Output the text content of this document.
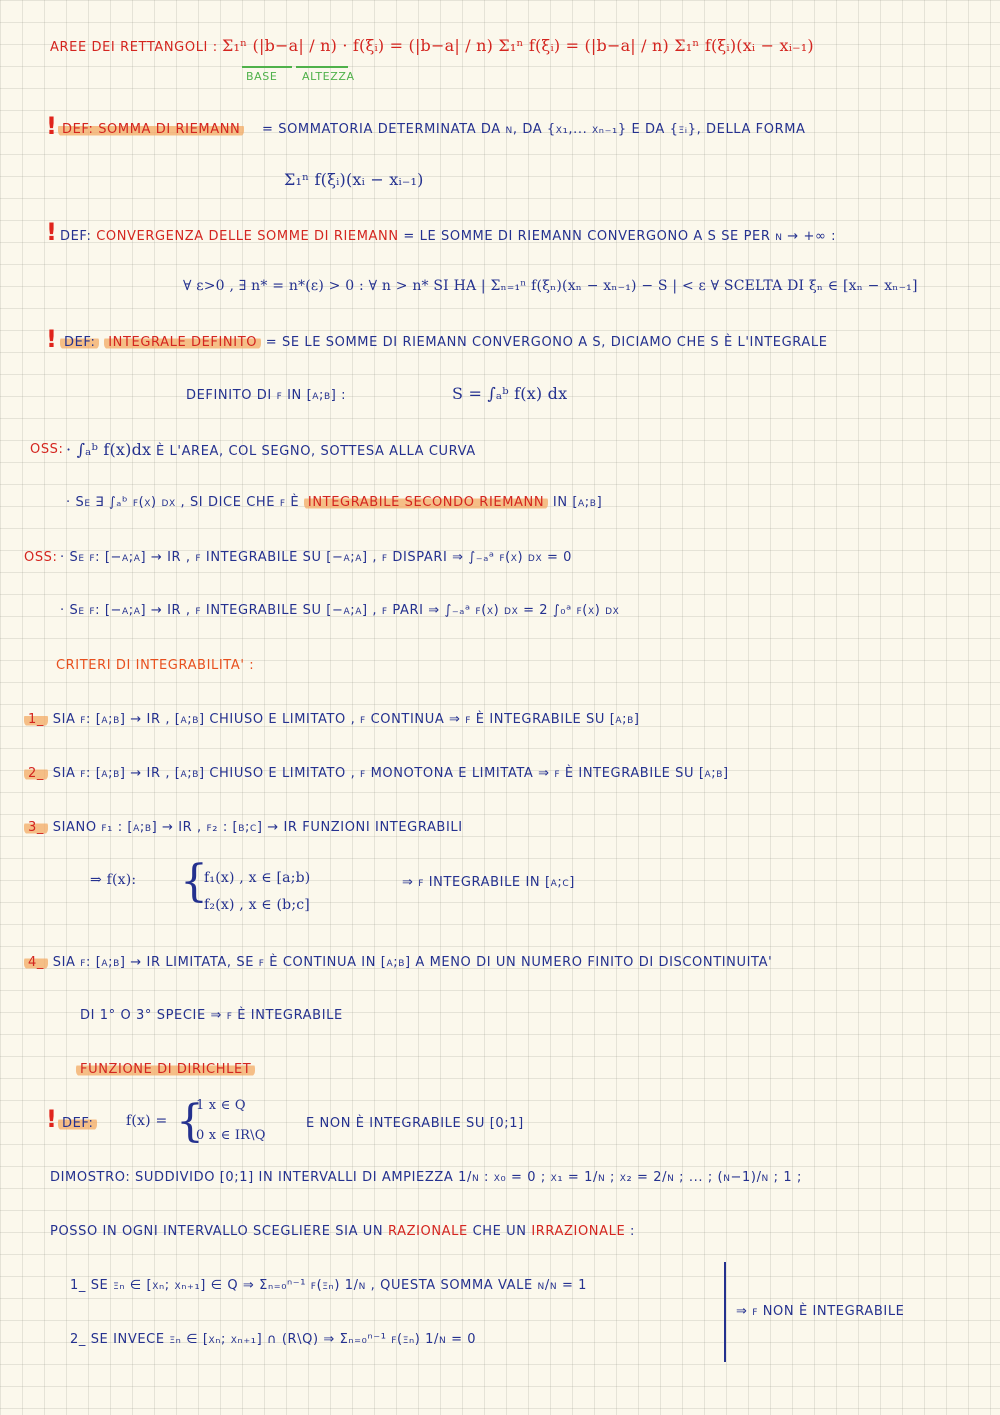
AREE DEI RETTANGOLI : Σ₁ⁿ (|b−a| / n) · f(ξᵢ) = (|b−a| / n) Σ₁ⁿ f(ξᵢ) = (|b−a| / n) Σ₁ⁿ f(ξᵢ)(xᵢ − xᵢ₋₁)
BASE ALTEZZA
! DEF: SOMMA DI RIEMANN	= SOMMATORIA DETERMINATA DA n, DA {x₁,... xₙ₋₁} E DA {ξᵢ}, DELLA FORMA
Σ₁ⁿ f(ξᵢ)(xᵢ − xᵢ₋₁)
! DEF: CONVERGENZA DELLE SOMME DI RIEMANN = LE SOMME DI RIEMANN CONVERGONO A S SE PER n → +∞ :
∀ ε>0 , ∃ n* = n*(ε) > 0 : ∀ n > n* SI HA | Σₙ₌₁ⁿ f(ξₙ)(xₙ − xₙ₋₁) − S | < ε ∀ SCELTA DI ξₙ ∈ [xₙ − xₙ₋₁]
! DEF: INTEGRALE DEFINITO = SE LE SOMME DI RIEMANN CONVERGONO A S, DICIAMO CHE S È L'INTEGRALE
DEFINITO DI f IN [a;b] :	S = ∫ₐᵇ f(x) dx
OSS: · ∫ₐᵇ f(x)dx È L'AREA, COL SEGNO, SOTTESA ALLA CURVA
· Se ∃ ∫ₐᵇ f(x) dx , SI DICE CHE f È INTEGRABILE SECONDO RIEMANN IN [a;b]
OSS: · Se f: [−a;a] → IR , f INTEGRABILE SU [−a;a] , f DISPARI ⇒ ∫₋ₐᵃ f(x) dx = 0
· Se f: [−a;a] → IR , f INTEGRABILE SU [−a;a] , f PARI ⇒ ∫₋ₐᵃ f(x) dx = 2 ∫₀ᵃ f(x) dx
CRITERI DI INTEGRABILITA' :
1_ SIA f: [a;b] → IR , [a;b] CHIUSO E LIMITATO , f CONTINUA ⇒ f È INTEGRABILE SU [a;b]
2_ SIA f: [a;b] → IR , [a;b] CHIUSO E LIMITATO , f MONOTONA E LIMITATA ⇒ f È INTEGRABILE SU [a;b]
3_ SIANO f₁ : [a;b] → IR , f₂ : [b;c] → IR FUNZIONI INTEGRABILI
⇒ f(x): {
f₁(x) , x ∈ [a;b)
f₂(x) , x ∈ (b;c]
⇒ f INTEGRABILE IN [a;c]
4_ SIA f: [a;b] → IR LIMITATA, SE f È CONTINUA IN [a;b] A MENO DI UN NUMERO FINITO DI DISCONTINUITA'
DI 1° O 3° SPECIE ⇒ f È INTEGRABILE
FUNZIONE DI DIRICHLET
! DEF: f(x) = {
1 x ∈ Q
0 x ∈ IR\Q
E NON È INTEGRABILE SU [0;1]
DIMOSTRO: SUDDIVIDO [0;1] IN INTERVALLI DI AMPIEZZA 1/n : x₀ = 0 ; x₁ = 1/n ; x₂ = 2/n ; ... ; (n−1)/n ; 1 ;
POSSO IN OGNI INTERVALLO SCEGLIERE SIA UN RAZIONALE CHE UN IRRAZIONALE :
1_ SE ξₙ ∈ [xₙ; xₙ₊₁] ∈ Q ⇒ Σₙ₌₀ⁿ⁻¹ f(ξₙ) 1/n , QUESTA SOMMA VALE n/n = 1
2_ SE INVECE ξₙ ∈ [xₙ; xₙ₊₁] ∩ (R\Q) ⇒ Σₙ₌₀ⁿ⁻¹ f(ξₙ) 1/n = 0
⇒ f NON È INTEGRABILE
